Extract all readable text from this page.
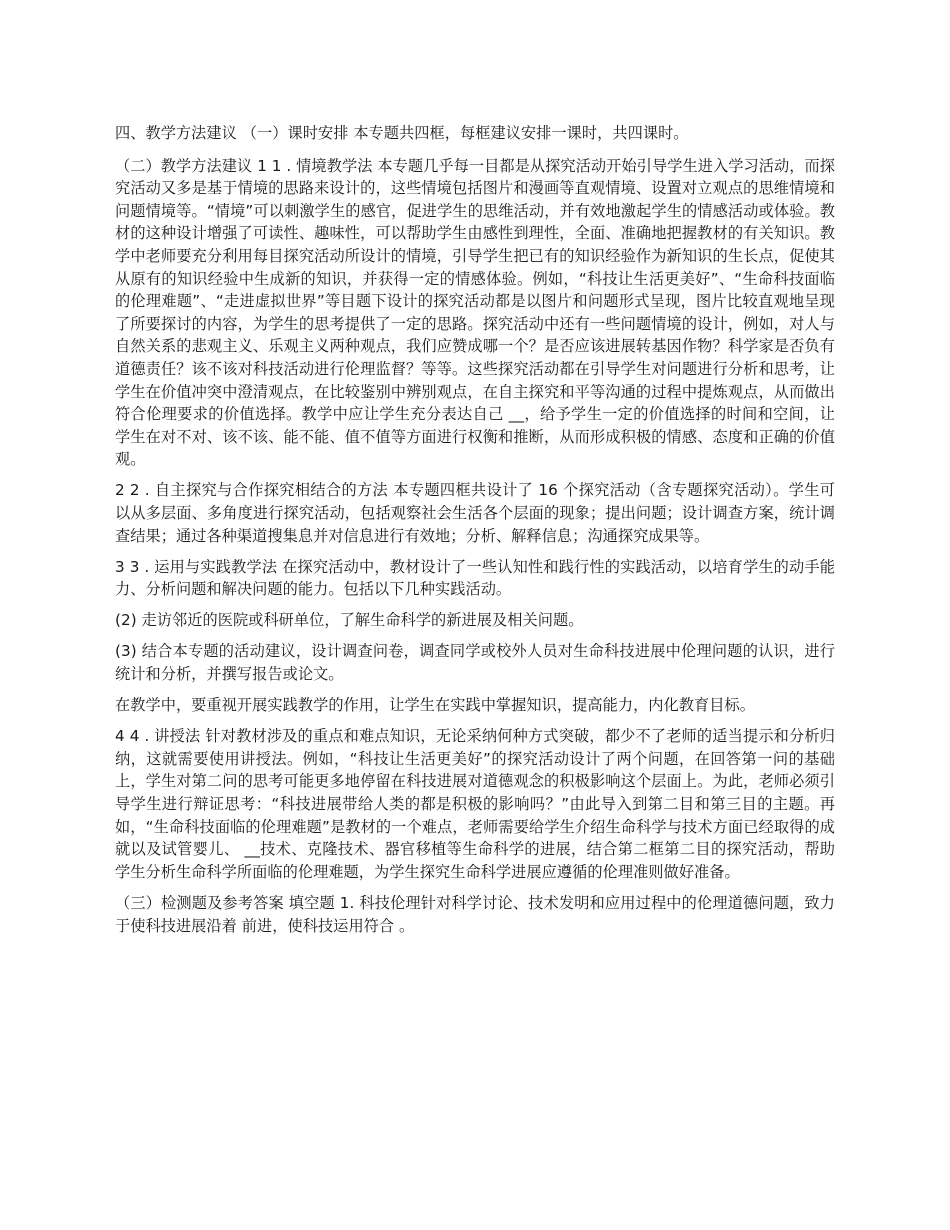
四、教学方法建议 （一）课时安排 本专题共四框，每框建议安排一课时，共四课时。

（二）教学方法建议 1 1 . 情境教学法 本专题几乎每一目都是从探究活动开始引导学生进入学习活动，而探究活动又多是基于情境的思路来设计的，这些情境包括图片和漫画等直观情境、设置对立观点的思维情境和问题情境等。“情境”可以刺激学生的感官，促进学生的思维活动，并有效地激起学生的情感活动或体验。教材的这种设计增强了可读性、趣味性，可以帮助学生由感性到理性，全面、准确地把握教材的有关知识。教学中老师要充分利用每目探究活动所设计的情境，引导学生把已有的知识经验作为新知识的生长点，促使其从原有的知识经验中生成新的知识，并获得一定的情感体验。例如，“科技让生活更美好”、“生命科技面临的伦理难题”、“走进虚拟世界”等目题下设计的探究活动都是以图片和问题形式呈现，图片比较直观地呈现了所要探讨的内容，为学生的思考提供了一定的思路。探究活动中还有一些问题情境的设计，例如，对人与自然关系的悲观主义、乐观主义两种观点，我们应赞成哪一个？是否应该进展转基因作物？科学家是否负有道德责任？该不该对科技活动进行伦理监督？等等。这些探究活动都在引导学生对问题进行分析和思考，让学生在价值冲突中澄清观点，在比较鉴别中辨别观点，在自主探究和平等沟通的过程中提炼观点，从而做出符合伦理要求的价值选择。教学中应让学生充分表达自己 __，给予学生一定的价值选择的时间和空间，让学生在对不对、该不该、能不能、值不值等方面进行权衡和推断，从而形成积极的情感、态度和正确的价值观。

2 2 . 自主探究与合作探究相结合的方法 本专题四框共设计了 16 个探究活动（含专题探究活动）。学生可以从多层面、多角度进行探究活动，包括观察社会生活各个层面的现象；提出问题；设计调查方案，统计调查结果；通过各种渠道搜集息并对信息进行有效地；分析、解释信息；沟通探究成果等。

3 3 . 运用与实践教学法 在探究活动中，教材设计了一些认知性和践行性的实践活动，以培育学生的动手能力、分析问题和解决问题的能力。包括以下几种实践活动。

(2) 走访邻近的医院或科研单位，了解生命科学的新进展及相关问题。

(3) 结合本专题的活动建议，设计调查问卷，调查同学或校外人员对生命科技进展中伦理问题的认识，进行统计和分析，并撰写报告或论文。

在教学中，要重视开展实践教学的作用，让学生在实践中掌握知识，提高能力，内化教育目标。

4 4 . 讲授法 针对教材涉及的重点和难点知识，无论采纳何种方式突破，都少不了老师的适当提示和分析归纳，这就需要使用讲授法。例如，“科技让生活更美好”的探究活动设计了两个问题，在回答第一问的基础上，学生对第二问的思考可能更多地停留在科技进展对道德观念的积极影响这个层面上。为此，老师必须引导学生进行辩证思考：“科技进展带给人类的都是积极的影响吗？”由此导入到第二目和第三目的主题。再如，“生命科技面临的伦理难题”是教材的一个难点，老师需要给学生介绍生命科学与技术方面已经取得的成就以及试管婴儿、 __技术、克隆技术、器官移植等生命科学的进展，结合第二框第二目的探究活动，帮助学生分析生命科学所面临的伦理难题，为学生探究生命科学进展应遵循的伦理准则做好准备。

（三）检测题及参考答案 填空题 1. 科技伦理针对科学讨论、技术发明和应用过程中的伦理道德问题，致力于使科技进展沿着 前进，使科技运用符合 。
